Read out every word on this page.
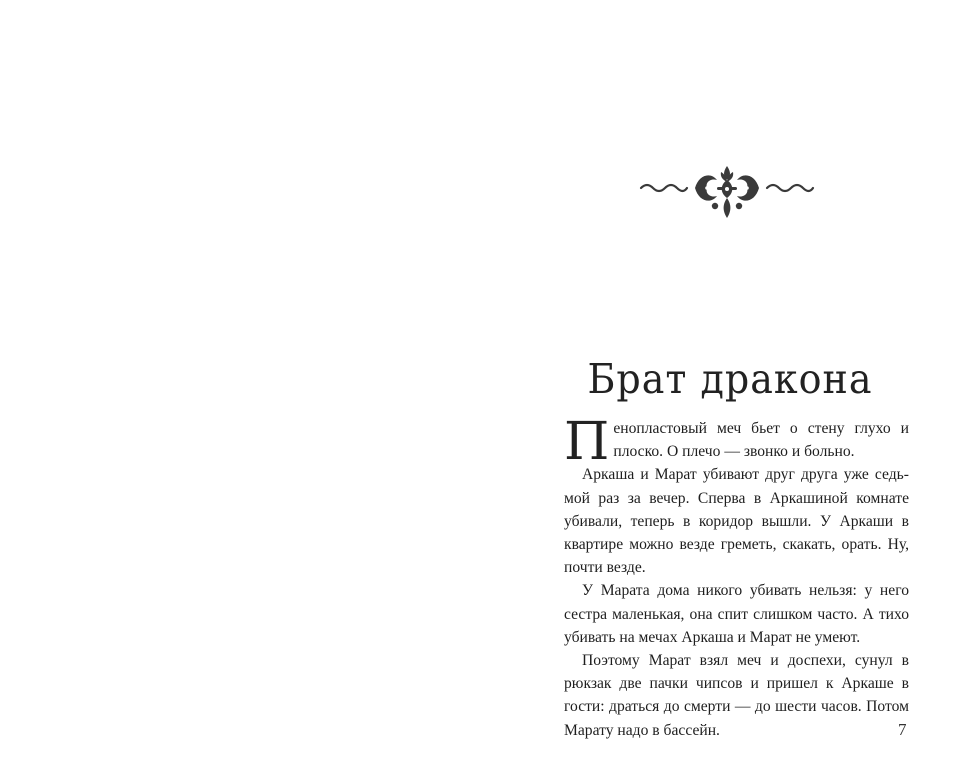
Брат дракона

Пенопластовый меч бьет о стену глухо и плоско. О плечо — звонко и больно.

Аркаша и Марат убивают друг друга уже седьмой раз за вечер. Сперва в Аркашиной комнате убивали, теперь в коридор вышли. У Аркаши в квартире можно везде греметь, скакать, орать. Ну, почти везде.

У Марата дома никого убивать нельзя: у него сестра маленькая, она спит слишком часто. А тихо убивать на мечах Аркаша и Марат не умеют.

Поэтому Марат взял меч и доспехи, сунул в рюкзак две пачки чипсов и пришел к Аркаше в гости: драться до смерти — до шести часов. Потом Марату надо в бассейн.	7
